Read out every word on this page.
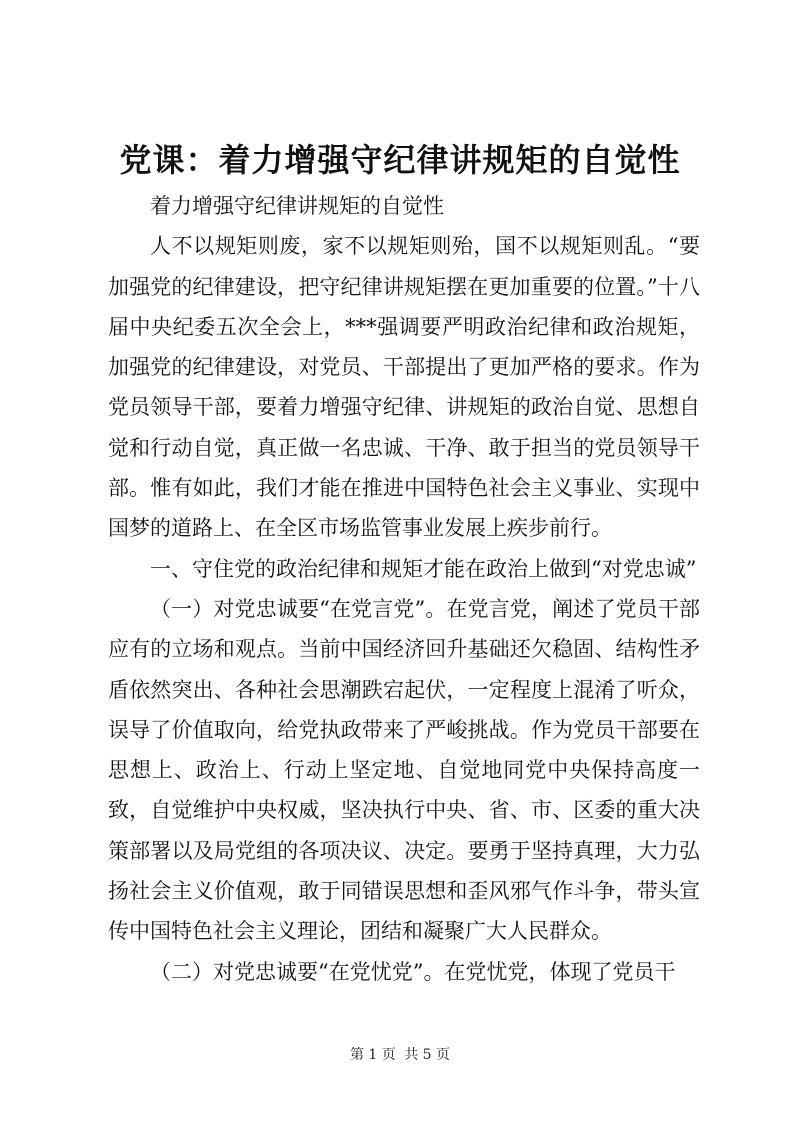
党课：着力增强守纪律讲规矩的自觉性

着力增强守纪律讲规矩的自觉性

人不以规矩则废，家不以规矩则殆，国不以规矩则乱。“要加强党的纪律建设，把守纪律讲规矩摆在更加重要的位置。”十八届中央纪委五次全会上，***强调要严明政治纪律和政治规矩，加强党的纪律建设，对党员、干部提出了更加严格的要求。作为党员领导干部，要着力增强守纪律、讲规矩的政治自觉、思想自觉和行动自觉，真正做一名忠诚、干净、敢于担当的党员领导干部。惟有如此，我们才能在推进中国特色社会主义事业、实现中国梦的道路上、在全区市场监管事业发展上疾步前行。

一、守住党的政治纪律和规矩才能在政治上做到“对党忠诚”

（一）对党忠诚要“在党言党”。在党言党，阐述了党员干部应有的立场和观点。当前中国经济回升基础还欠稳固、结构性矛盾依然突出、各种社会思潮跌宕起伏，一定程度上混淆了听众，误导了价值取向，给党执政带来了严峻挑战。作为党员干部要在思想上、政治上、行动上坚定地、自觉地同党中央保持高度一致，自觉维护中央权威，坚决执行中央、省、市、区委的重大决策部署以及局党组的各项决议、决定。要勇于坚持真理，大力弘扬社会主义价值观，敢于同错误思想和歪风邪气作斗争，带头宣传中国特色社会主义理论，团结和凝聚广大人民群众。

（二）对党忠诚要“在党忧党”。在党忧党，体现了党员干

第 1 页 共 5 页
